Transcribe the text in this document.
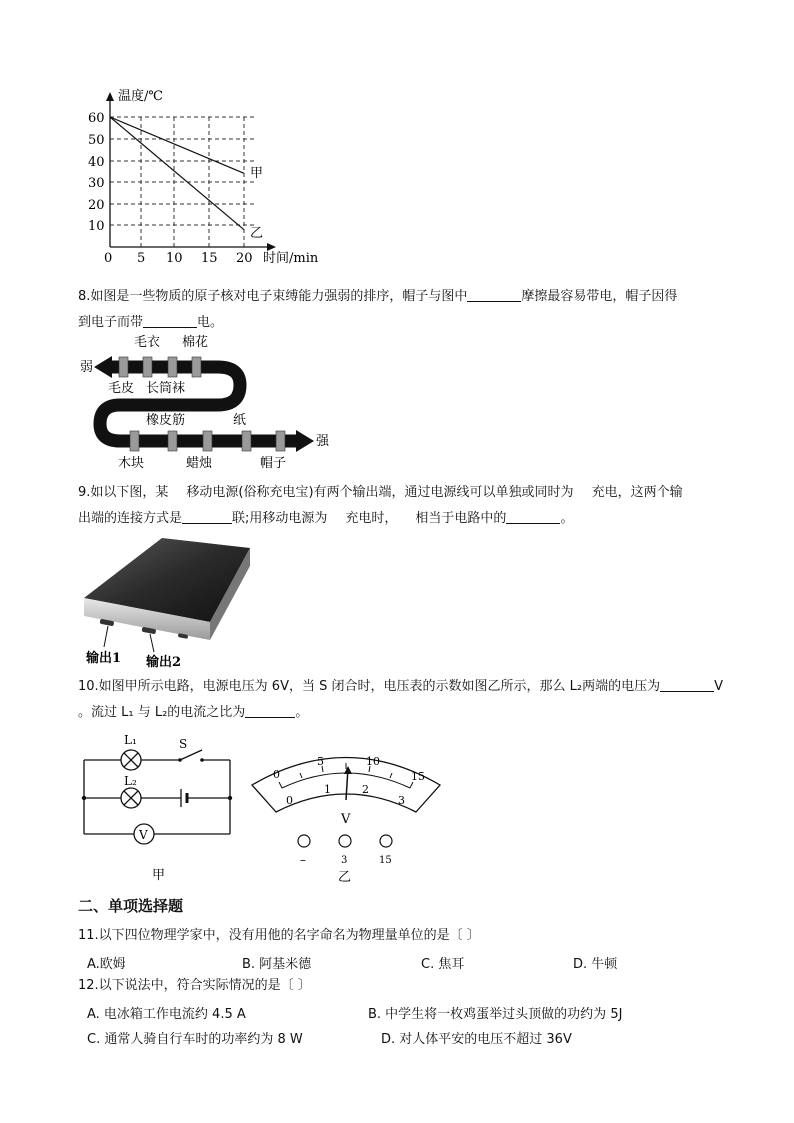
温度/℃
时间/min
60
50
40
30
20
10
0 5 10 15 20
甲
乙
8.如图是一些物质的原子核对电子束缚能力强弱的排序，帽子与图中	摩擦最容易带电，帽子因得
到电子而带	电。
弱
强
毛衣 棉花
毛皮 长筒袜
橡皮筋	纸
木块	蜡烛	帽子
9.如以下图，某 移动电源(俗称充电宝)有两个输出端，通过电源线可以单独或同时为 充电，这两个输
出端的连接方式是	联;用移动电源为 充电时， 相当于电路中的	。
输出1 输出2
10.如图甲所示电路，电源电压为 6V，当 S 闭合时，电压表的示数如图乙所示，那么 L₂两端的电压为	V
。流过 L₁ 与 L₂的电流之比为	。
L₁
L₂
S
V
甲
0
5	10
15
0
1	2
3
V
–	3	15
乙
二、单项选择题
11.以下四位物理学家中，没有用他的名字命名为物理量单位的是〔 〕
A.欧姆	B. 阿基米德	C. 焦耳	D. 牛顿
12.以下说法中，符合实际情况的是〔 〕
A. 电冰箱工作电流约 4.5 A	B. 中学生将一枚鸡蛋举过头顶做的功约为 5J
C. 通常人骑自行车时的功率约为 8 W	D. 对人体平安的电压不超过 36V
